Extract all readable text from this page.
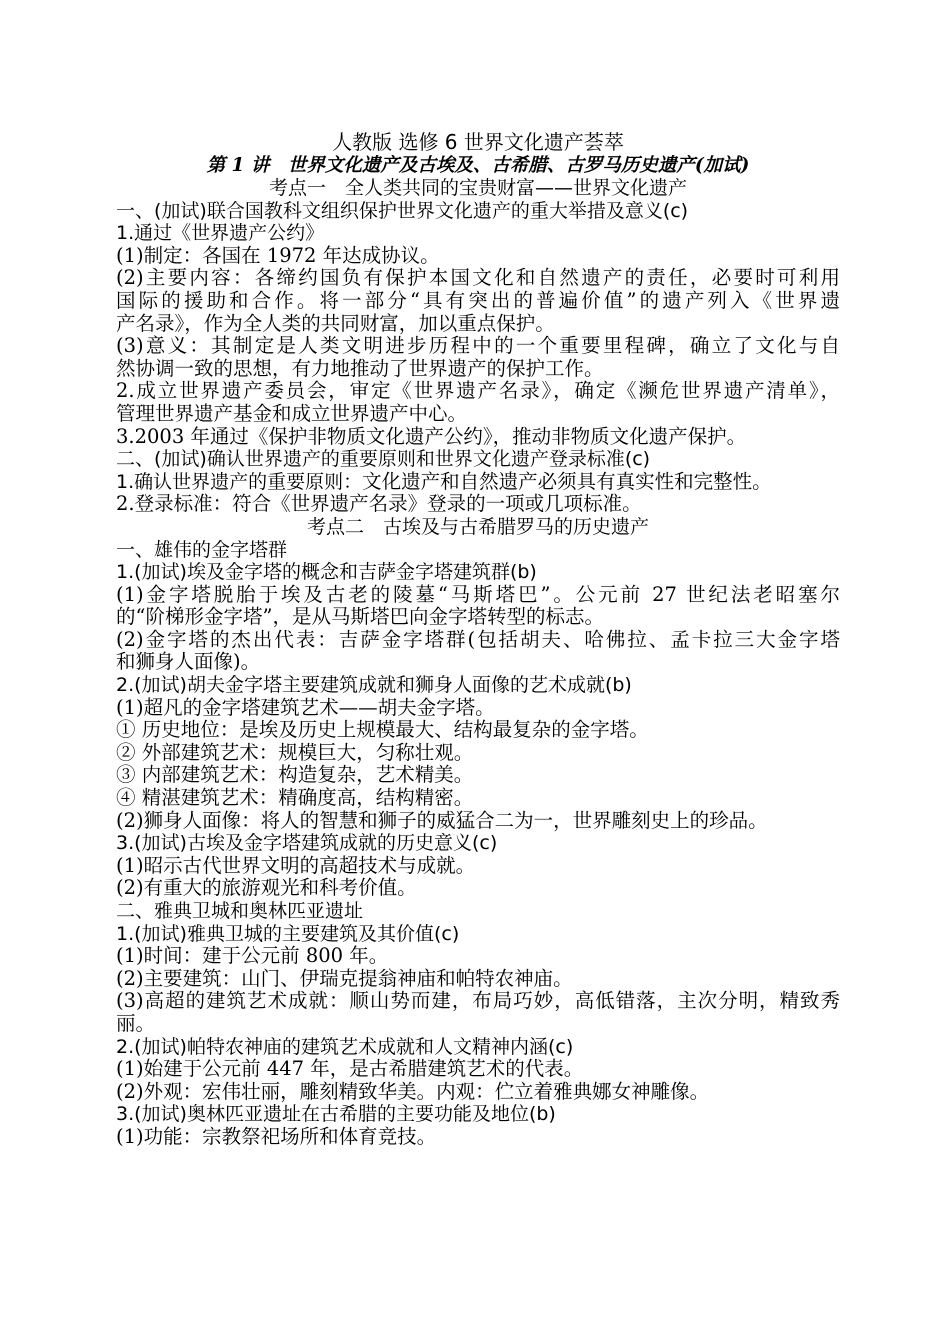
人教版 选修 6 世界文化遗产荟萃
第 1 讲　世界文化遗产及古埃及、古希腊、古罗马历史遗产(加试)
考点一　全人类共同的宝贵财富——世界文化遗产
一、(加试)联合国教科文组织保护世界文化遗产的重大举措及意义(c)
1.通过《世界遗产公约》
(1)制定：各国在 1972 年达成协议。
(2)主要内容：各缔约国负有保护本国文化和自然遗产的责任，必要时可利用
国际的援助和合作。将一部分“具有突出的普遍价值”的遗产列入《世界遗
产名录》，作为全人类的共同财富，加以重点保护。
(3)意义：其制定是人类文明进步历程中的一个重要里程碑，确立了文化与自
然协调一致的思想，有力地推动了世界遗产的保护工作。
2.成立世界遗产委员会，审定《世界遗产名录》，确定《濒危世界遗产清单》，
管理世界遗产基金和成立世界遗产中心。
3.2003 年通过《保护非物质文化遗产公约》，推动非物质文化遗产保护。
二、(加试)确认世界遗产的重要原则和世界文化遗产登录标准(c)
1.确认世界遗产的重要原则：文化遗产和自然遗产必须具有真实性和完整性。
2.登录标准：符合《世界遗产名录》登录的一项或几项标准。
考点二　古埃及与古希腊罗马的历史遗产
一、雄伟的金字塔群
1.(加试)埃及金字塔的概念和吉萨金字塔建筑群(b)
(1)金字塔脱胎于埃及古老的陵墓“马斯塔巴”。公元前 27 世纪法老昭塞尔
的“阶梯形金字塔”，是从马斯塔巴向金字塔转型的标志。
(2)金字塔的杰出代表：吉萨金字塔群(包括胡夫、哈佛拉、孟卡拉三大金字塔
和狮身人面像)。
2.(加试)胡夫金字塔主要建筑成就和狮身人面像的艺术成就(b)
(1)超凡的金字塔建筑艺术——胡夫金字塔。
① 历史地位：是埃及历史上规模最大、结构最复杂的金字塔。
② 外部建筑艺术：规模巨大，匀称壮观。
③ 内部建筑艺术：构造复杂，艺术精美。
④ 精湛建筑艺术：精确度高，结构精密。
(2)狮身人面像：将人的智慧和狮子的威猛合二为一，世界雕刻史上的珍品。
3.(加试)古埃及金字塔建筑成就的历史意义(c)
(1)昭示古代世界文明的高超技术与成就。
(2)有重大的旅游观光和科考价值。
二、雅典卫城和奥林匹亚遗址
1.(加试)雅典卫城的主要建筑及其价值(c)
(1)时间：建于公元前 800 年。
(2)主要建筑：山门、伊瑞克提翁神庙和帕特农神庙。
(3)高超的建筑艺术成就：顺山势而建，布局巧妙，高低错落，主次分明，精致秀
丽。
2.(加试)帕特农神庙的建筑艺术成就和人文精神内涵(c)
(1)始建于公元前 447 年，是古希腊建筑艺术的代表。
(2)外观：宏伟壮丽，雕刻精致华美。内观：伫立着雅典娜女神雕像。
3.(加试)奥林匹亚遗址在古希腊的主要功能及地位(b)
(1)功能：宗教祭祀场所和体育竞技。
